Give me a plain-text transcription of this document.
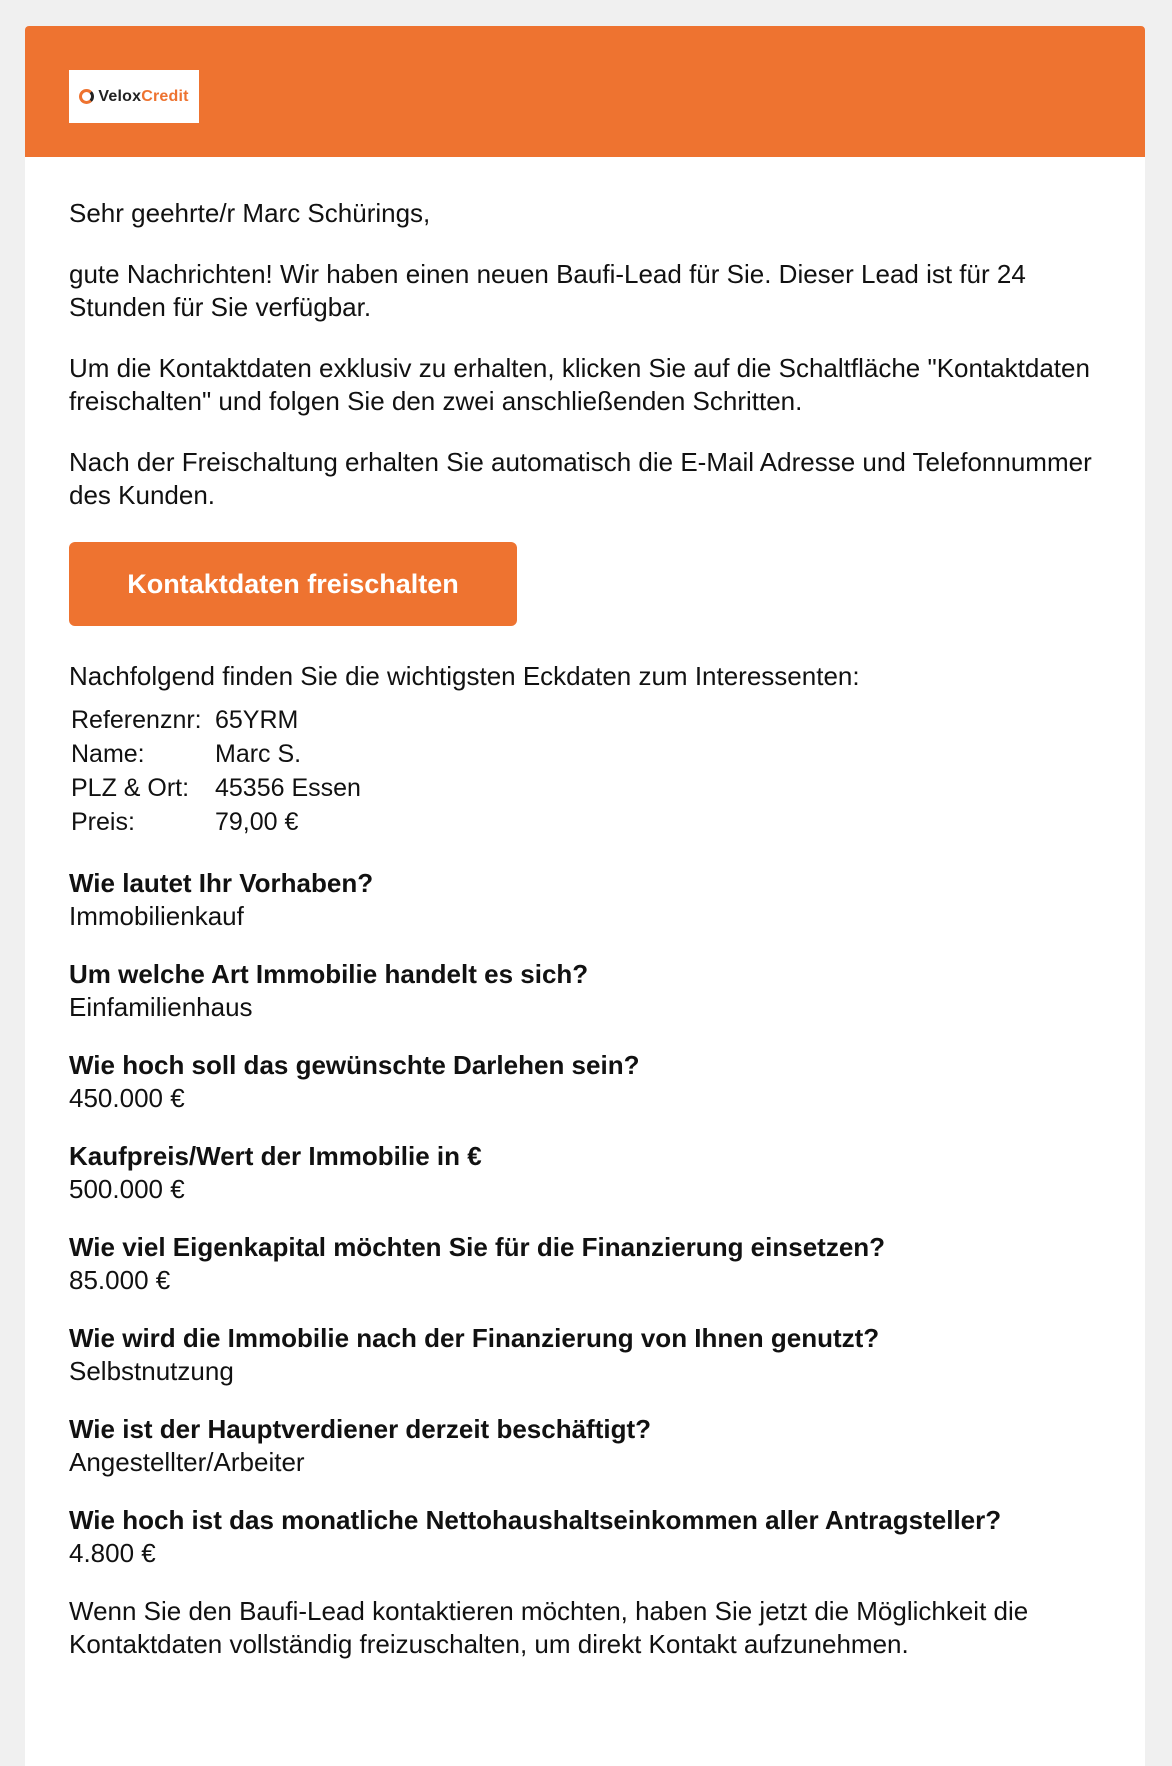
Velox Credit

Sehr geehrte/r Marc Schürings,

gute Nachrichten! Wir haben einen neuen Baufi-Lead für Sie. Dieser Lead ist für 24 Stunden für Sie verfügbar.

Um die Kontaktdaten exklusiv zu erhalten, klicken Sie auf die Schaltfläche "Kontaktdaten freischalten" und folgen Sie den zwei anschließenden Schritten.

Nach der Freischaltung erhalten Sie automatisch die E-Mail Adresse und Telefonnummer des Kunden.

Kontaktdaten freischalten

Nachfolgend finden Sie die wichtigsten Eckdaten zum Interessenten:

Referenznr:	65YRM
Name:	Marc S.
PLZ & Ort:	45356 Essen
Preis:	79,00 €
Wie lautet Ihr Vorhaben?
Immobilienkauf
Um welche Art Immobilie handelt es sich?
Einfamilienhaus
Wie hoch soll das gewünschte Darlehen sein?
450.000 €
Kaufpreis/Wert der Immobilie in €
500.000 €
Wie viel Eigenkapital möchten Sie für die Finanzierung einsetzen?
85.000 €
Wie wird die Immobilie nach der Finanzierung von Ihnen genutzt?
Selbstnutzung
Wie ist der Hauptverdiener derzeit beschäftigt?
Angestellter/Arbeiter
Wie hoch ist das monatliche Nettohaushaltseinkommen aller Antragsteller?
4.800 €

Wenn Sie den Baufi-Lead kontaktieren möchten, haben Sie jetzt die Möglichkeit die Kontaktdaten vollständig freizuschalten, um direkt Kontakt aufzunehmen.
